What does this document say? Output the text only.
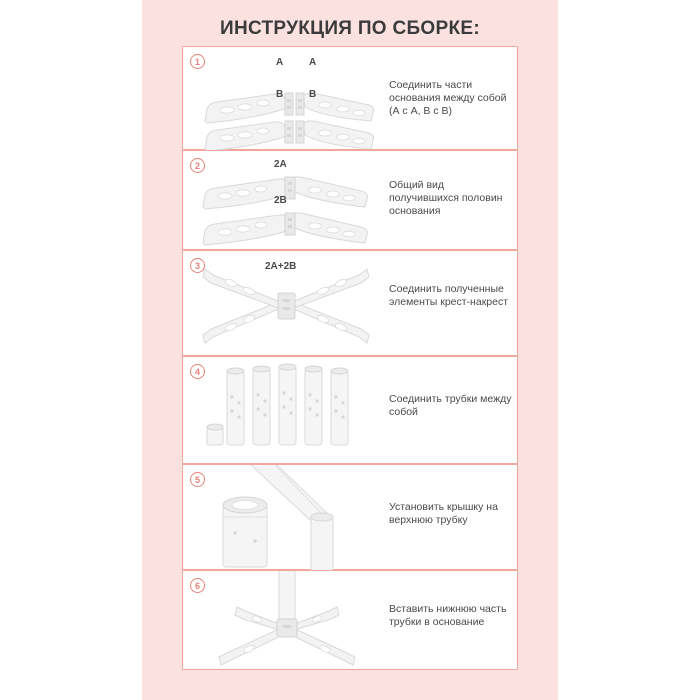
ИНСТРУКЦИЯ ПО СБОРКЕ:
1	A	A
B	B
Соединить части основания между собой (А с А, В с В)
2	2A
2B
Общий вид получившихся половин основания
3	2A+2B
Соединить полученные элементы крест-накрест
4
Соединить трубки между собой
5
Установить крышку на верхнюю трубку
6
Вставить нижнюю часть трубки в основание
